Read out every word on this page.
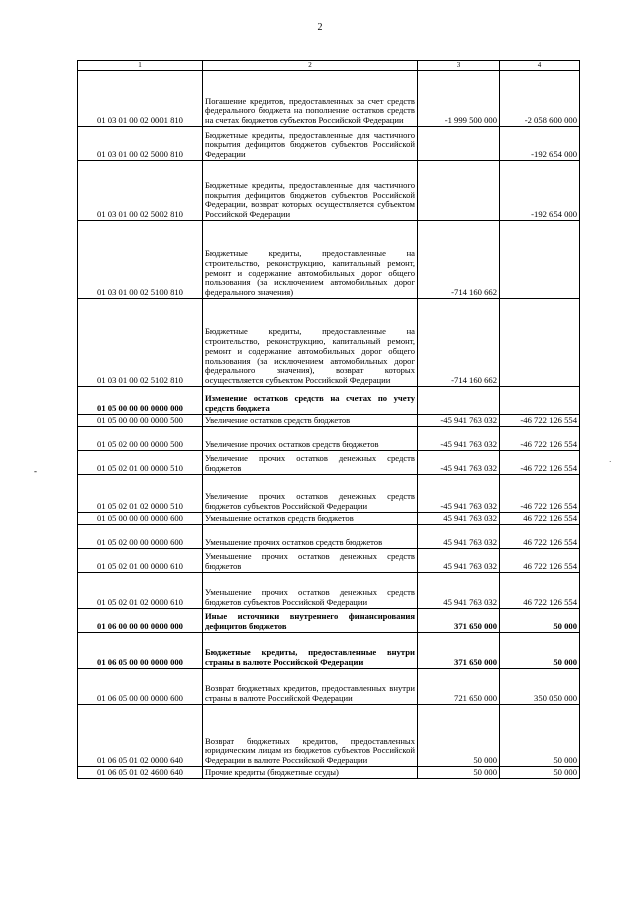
2
1	2	3	4
01 03 01 00 02 0001 810	Погашение кредитов, предоставленных за счет средств федерального бюджета на пополнение остатков средств на счетах бюджетов субъектов Российской Федерации	-1 999 500 000	-2 058 600 000
01 03 01 00 02 5000 810	Бюджетные кредиты, предоставленные для частичного покрытия дефицитов бюджетов субъектов Российской Федерации		-192 654 000
01 03 01 00 02 5002 810	Бюджетные кредиты, предоставленные для частичного покрытия дефицитов бюджетов субъектов Российской Федерации, возврат которых осуществляется субъектом Российской Федерации		-192 654 000
01 03 01 00 02 5100 810	Бюджетные кредиты, предоставленные на строительство, реконструкцию, капитальный ремонт, ремонт и содержание автомобильных дорог общего пользования (за исключением автомобильных дорог федерального значения)	-714 160 662	
01 03 01 00 02 5102 810	Бюджетные кредиты, предоставленные на строительство, реконструкцию, капитальный ремонт, ремонт и содержание автомобильных дорог общего пользования (за исключением автомобильных дорог федерального значения), возврат которых осуществляется субъектом Российской Федерации	-714 160 662	
01 05 00 00 00 0000 000	Изменение остатков средств на счетах по учету средств бюджета		
01 05 00 00 00 0000 500	Увеличение остатков средств бюджетов	-45 941 763 032	-46 722 126 554
01 05 02 00 00 0000 500	Увеличение прочих остатков средств бюджетов	-45 941 763 032	-46 722 126 554
01 05 02 01 00 0000 510	Увеличение прочих остатков денежных средств бюджетов	-45 941 763 032	-46 722 126 554
01 05 02 01 02 0000 510	Увеличение прочих остатков денежных средств бюджетов субъектов Российской Федерации	-45 941 763 032	-46 722 126 554
01 05 00 00 00 0000 600	Уменьшение остатков средств бюджетов	45 941 763 032	46 722 126 554
01 05 02 00 00 0000 600	Уменьшение прочих остатков средств бюджетов	45 941 763 032	46 722 126 554
01 05 02 01 00 0000 610	Уменьшение прочих остатков денежных средств бюджетов	45 941 763 032	46 722 126 554
01 05 02 01 02 0000 610	Уменьшение прочих остатков денежных средств бюджетов субъектов Российской Федерации	45 941 763 032	46 722 126 554
01 06 00 00 00 0000 000	Иные источники внутреннего финансирования дефицитов бюджетов	371 650 000	50 000
01 06 05 00 00 0000 000	Бюджетные кредиты, предоставленные внутри страны в валюте Российской Федерации	371 650 000	50 000
01 06 05 00 00 0000 600	Возврат бюджетных кредитов, предоставленных внутри страны в валюте Российской Федерации	721 650 000	350 050 000
01 06 05 01 02 0000 640	Возврат бюджетных кредитов, предоставленных юридическим лицам из бюджетов субъектов Российской Федерации в валюте Российской Федерации	50 000	50 000
01 06 05 01 02 4600 640	Прочие кредиты (бюджетные ссуды)	50 000	50 000
-
·
